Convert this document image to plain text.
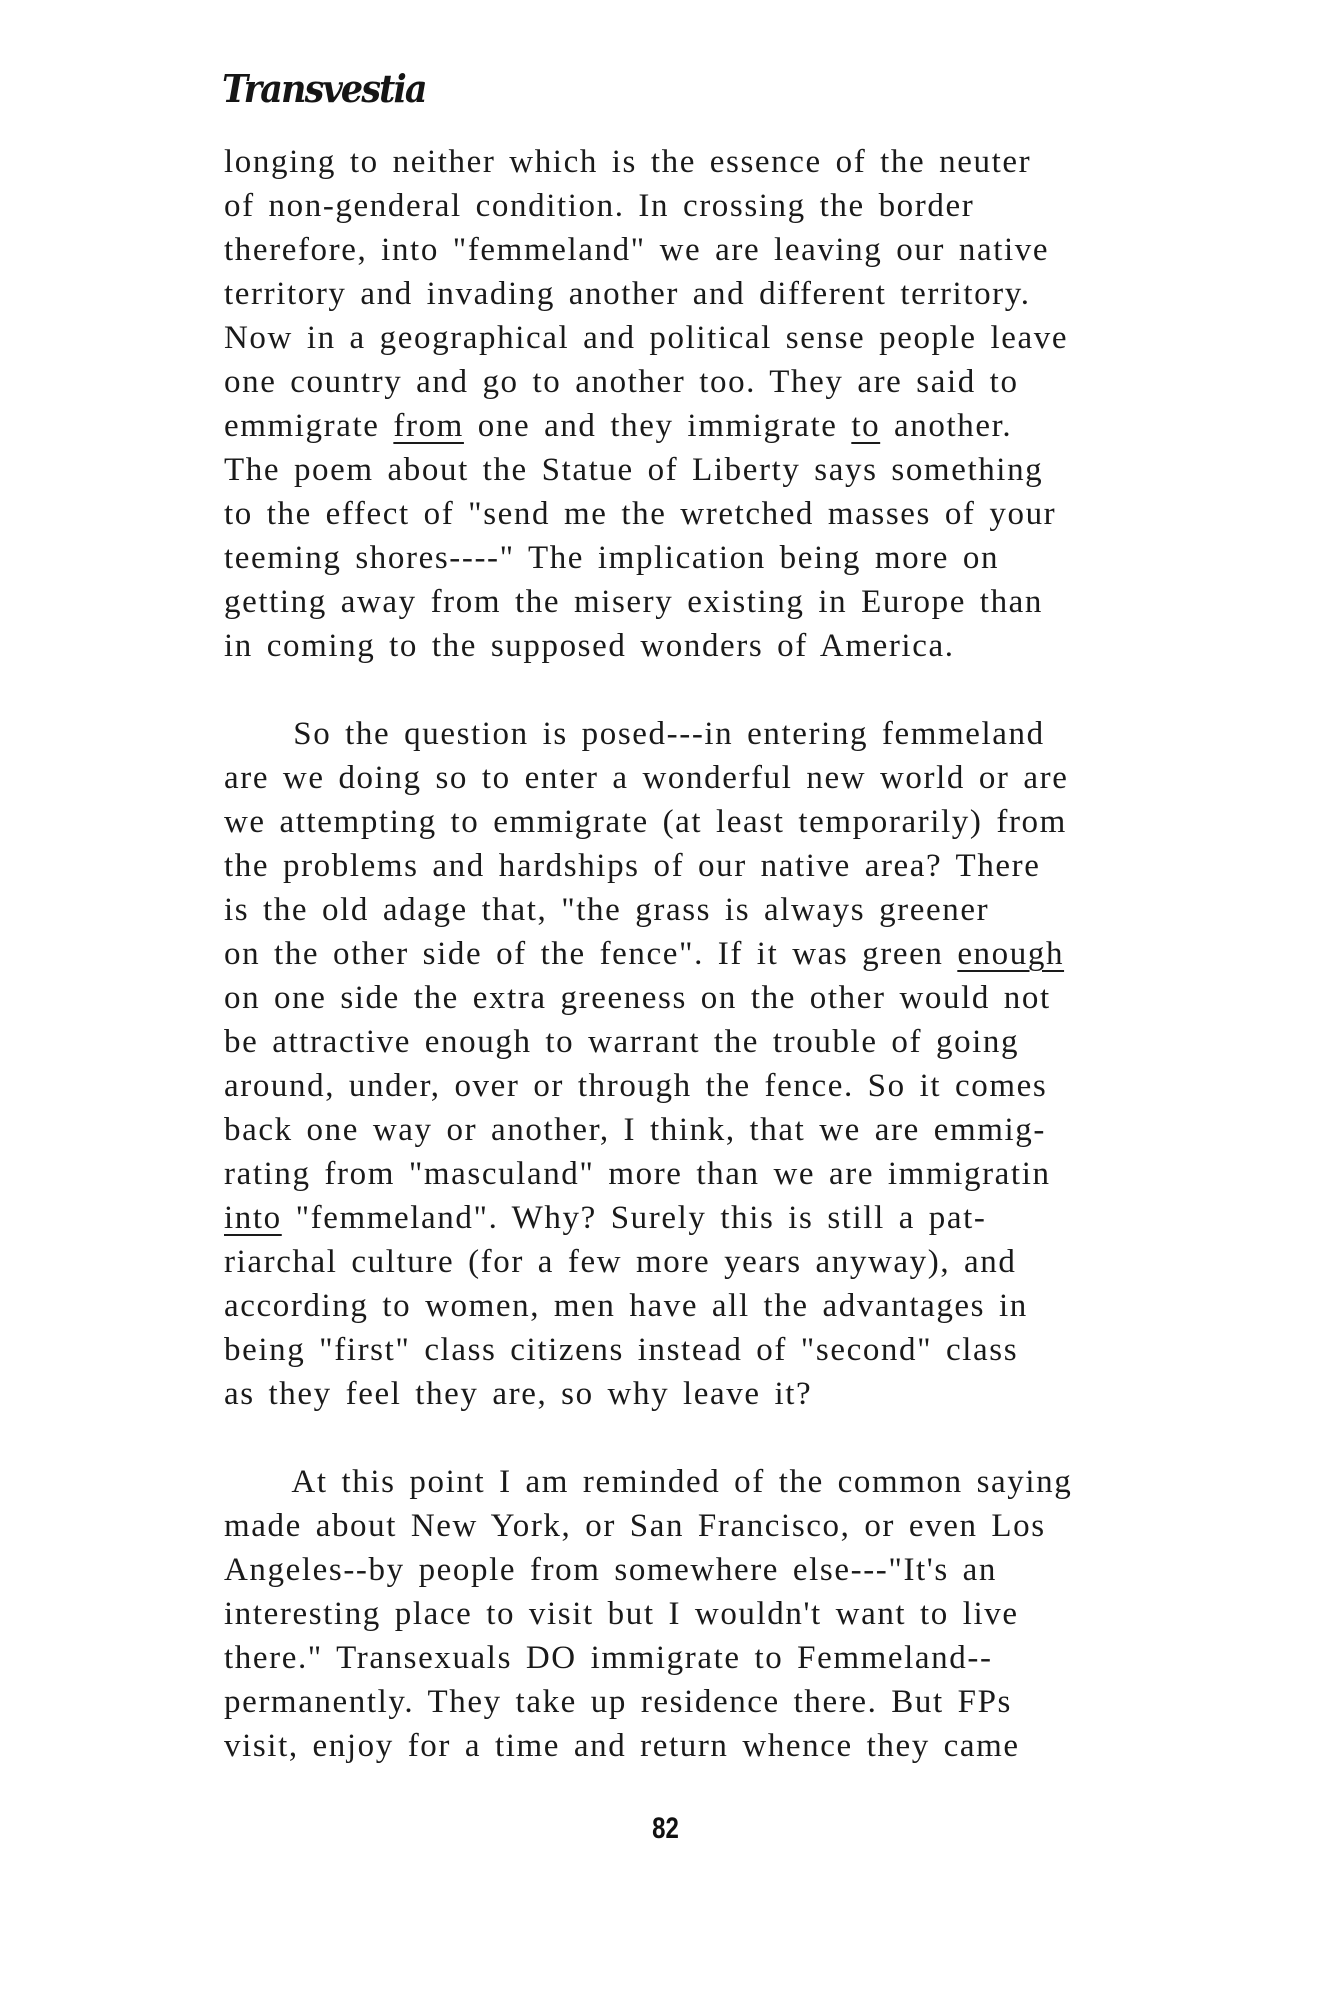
Transvestia
longing to neither which is the essence of the neuter
of non-genderal condition. In crossing the border
therefore, into "femmeland" we are leaving our native
territory and invading another and different territory.
Now in a geographical and political sense people leave
one country and go to another too. They are said to
emmigrate from one and they immigrate to another.
The poem about the Statue of Liberty says something
to the effect of "send me the wretched masses of your
teeming shores----" The implication being more on
getting away from the misery existing in Europe than
in coming to the supposed wonders of America.
So the question is posed---in entering femmeland
are we doing so to enter a wonderful new world or are
we attempting to emmigrate (at least temporarily) from
the problems and hardships of our native area? There
is the old adage that, "the grass is always greener
on the other side of the fence". If it was green enough
on one side the extra greeness on the other would not
be attractive enough to warrant the trouble of going
around, under, over or through the fence. So it comes
back one way or another, I think, that we are emmig-
rating from "masculand" more than we are immigratin
into "femmeland". Why? Surely this is still a pat-
riarchal culture (for a few more years anyway), and
according to women, men have all the advantages in
being "first" class citizens instead of "second" class
as they feel they are, so why leave it?
At this point I am reminded of the common saying
made about New York, or San Francisco, or even Los
Angeles--by people from somewhere else---"It's an
interesting place to visit but I wouldn't want to live
there." Transexuals DO immigrate to Femmeland--
permanently. They take up residence there. But FPs
visit, enjoy for a time and return whence they came
82
